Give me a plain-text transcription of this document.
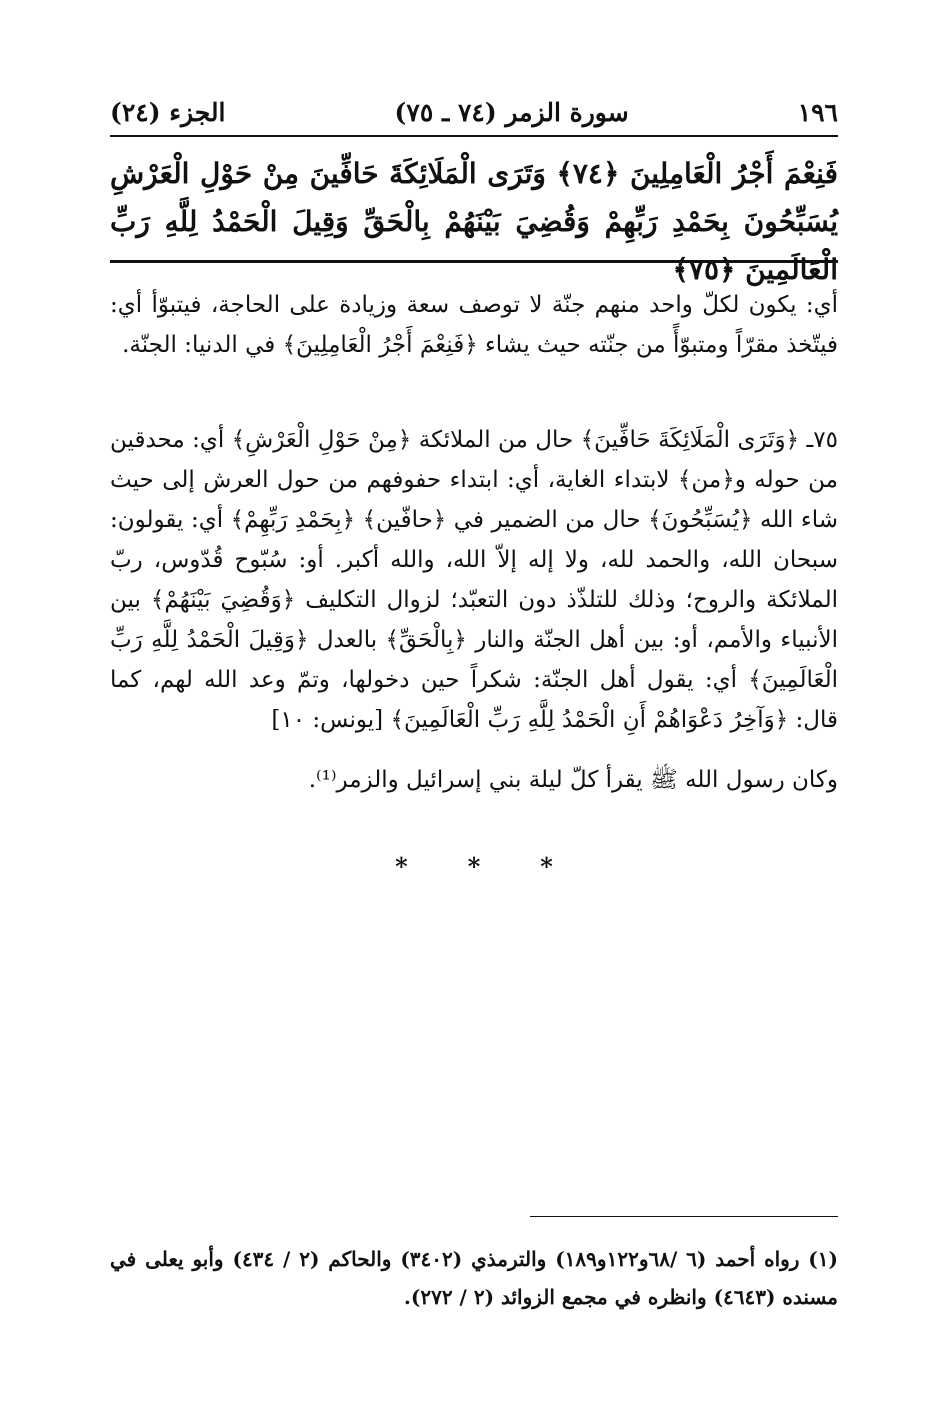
١٩٦
سورة الزمر (٧٤ ـ ٧٥)
الجزء (٢٤)
فَنِعْمَ أَجْرُ الْعَامِلِينَ ﴿٧٤﴾ وَتَرَى الْمَلَائِكَةَ حَافِّينَ مِنْ حَوْلِ الْعَرْشِ يُسَبِّحُونَ بِحَمْدِ رَبِّهِمْ وَقُضِيَ بَيْنَهُمْ بِالْحَقِّ وَقِيلَ الْحَمْدُ لِلَّهِ رَبِّ الْعَالَمِينَ ﴿٧٥﴾

أي: يكون لكلّ واحد منهم جنّة لا توصف سعة وزيادة على الحاجة، فيتبوّأ أي: فيتّخذ مقرّاً ومتبوّأً من جنّته حيث يشاء ﴿فَنِعْمَ أَجْرُ الْعَامِلِينَ﴾ في الدنيا: الجنّة.

٧٥ـ ﴿وَتَرَى الْمَلَائِكَةَ حَافِّينَ﴾ حال من الملائكة ﴿مِنْ حَوْلِ الْعَرْشِ﴾ أي: محدقين من حوله و﴿من﴾ لابتداء الغاية، أي: ابتداء حفوفهم من حول العرش إلى حيث شاء الله ﴿يُسَبِّحُونَ﴾ حال من الضمير في ﴿حافّين﴾ ﴿بِحَمْدِ رَبِّهِمْ﴾ أي: يقولون: سبحان الله، والحمد لله، ولا إله إلاّ الله، والله أكبر. أو: سُبّوح قُدّوس، ربّ الملائكة والروح؛ وذلك للتلذّذ دون التعبّد؛ لزوال التكليف ﴿وَقُضِيَ بَيْنَهُمْ﴾ بين الأنبياء والأمم، أو: بين أهل الجنّة والنار ﴿بِالْحَقِّ﴾ بالعدل ﴿وَقِيلَ الْحَمْدُ لِلَّهِ رَبِّ الْعَالَمِينَ﴾ أي: يقول أهل الجنّة: شكراً حين دخولها، وتمّ وعد الله لهم، كما قال: ﴿وَآخِرُ دَعْوَاهُمْ أَنِ الْحَمْدُ لِلَّهِ رَبِّ الْعَالَمِينَ﴾ [يونس: ١٠]

وكان رسول الله ﷺ يقرأ كلّ ليلة بني إسرائيل والزمر⁽¹⁾.

*	*	*

(١) رواه أحمد (٦ /٦٨و١٢٢و١٨٩) والترمذي (٣٤٠٢) والحاكم (٢ / ٤٣٤) وأبو يعلى في مسنده (٤٦٤٣) وانظره في مجمع الزوائد (٢ / ٢٧٢).
